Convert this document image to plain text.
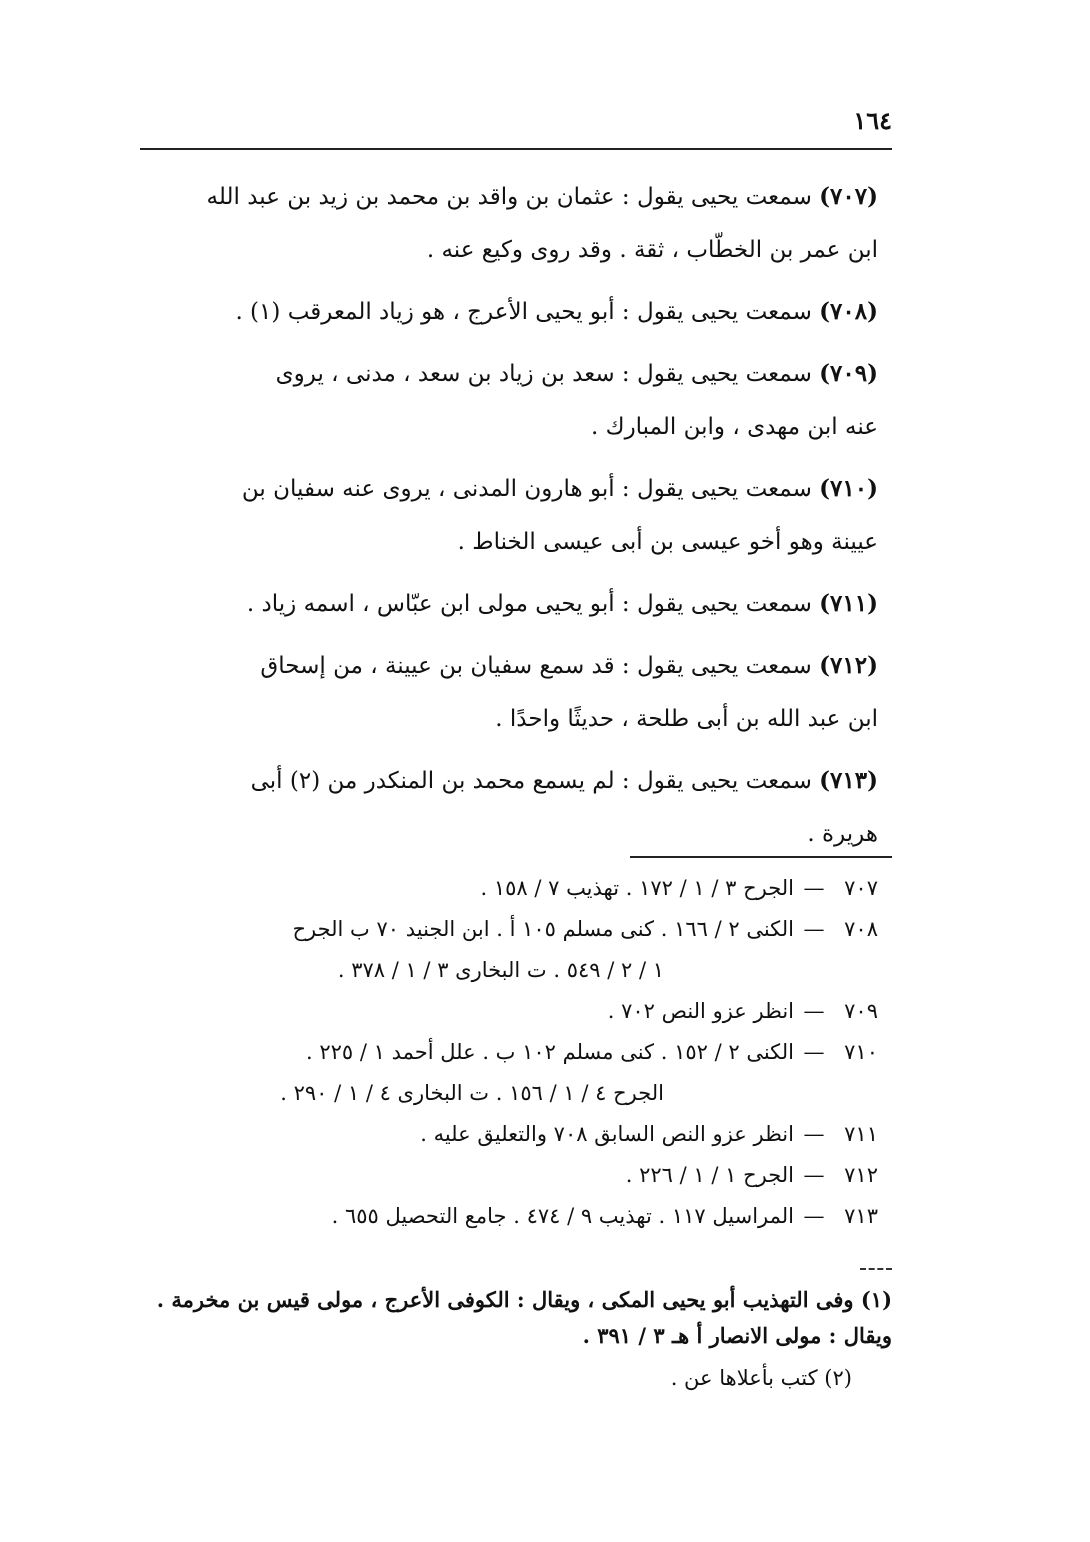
١٦٤

(٧٠٧) سمعت يحيى يقول : عثمان بن واقد بن محمد بن زيد بن عبد الله
ابن عمر بن الخطّاب ، ثقة . وقد روى وكيع عنه .

(٧٠٨) سمعت يحيى يقول : أبو يحيى الأعرج ، هو زياد المعرقب (١) .

(٧٠٩) سمعت يحيى يقول : سعد بن زياد بن سعد ، مدنى ، يروى
عنه ابن مهدى ، وابن المبارك .

(٧١٠) سمعت يحيى يقول : أبو هارون المدنى ، يروى عنه سفيان بن
عيينة وهو أخو عيسى بن أبى عيسى الخناط .

(٧١١) سمعت يحيى يقول : أبو يحيى مولى ابن عبّاس ، اسمه زياد .

(٧١٢) سمعت يحيى يقول : قد سمع سفيان بن عيينة ، من إسحاق
ابن عبد الله بن أبى طلحة ، حديثًا واحدًا .

(٧١٣) سمعت يحيى يقول : لم يسمع محمد بن المنكدر من (٢) أبى
هريرة .

٧٠٧
—
الجرح ٣ / ١ / ١٧٢ . تهذيب ٧ / ١٥٨ .
٧٠٨
—
الكنى ٢ / ١٦٦ . كنى مسلم ١٠٥ أ . ابن الجنيد ٧٠ ب الجرح
١ / ٢ / ٥٤٩ . ت البخارى ٣ / ١ / ٣٧٨ .
٧٠٩
—
انظر عزو النص ٧٠٢ .
٧١٠
—
الكنى ٢ / ١٥٢ . كنى مسلم ١٠٢ ب . علل أحمد ١ / ٢٢٥ .
الجرح ٤ / ١ / ١٥٦ . ت البخارى ٤ / ١ / ٢٩٠ .
٧١١
—
انظر عزو النص السابق ٧٠٨ والتعليق عليه .
٧١٢
—
الجرح ١ / ١ / ٢٢٦ .
٧١٣
—
المراسيل ١١٧ . تهذيب ٩ / ٤٧٤ . جامع التحصيل ٦٥٥ .

(١) وفى التهذيب أبو يحيى المكى ، ويقال : الكوفى الأعرج ، مولى قيس بن مخرمة . ويقال : مولى الانصار أ هـ ٣ / ٣٩١ .

(٢) كتب بأعلاها عن .
